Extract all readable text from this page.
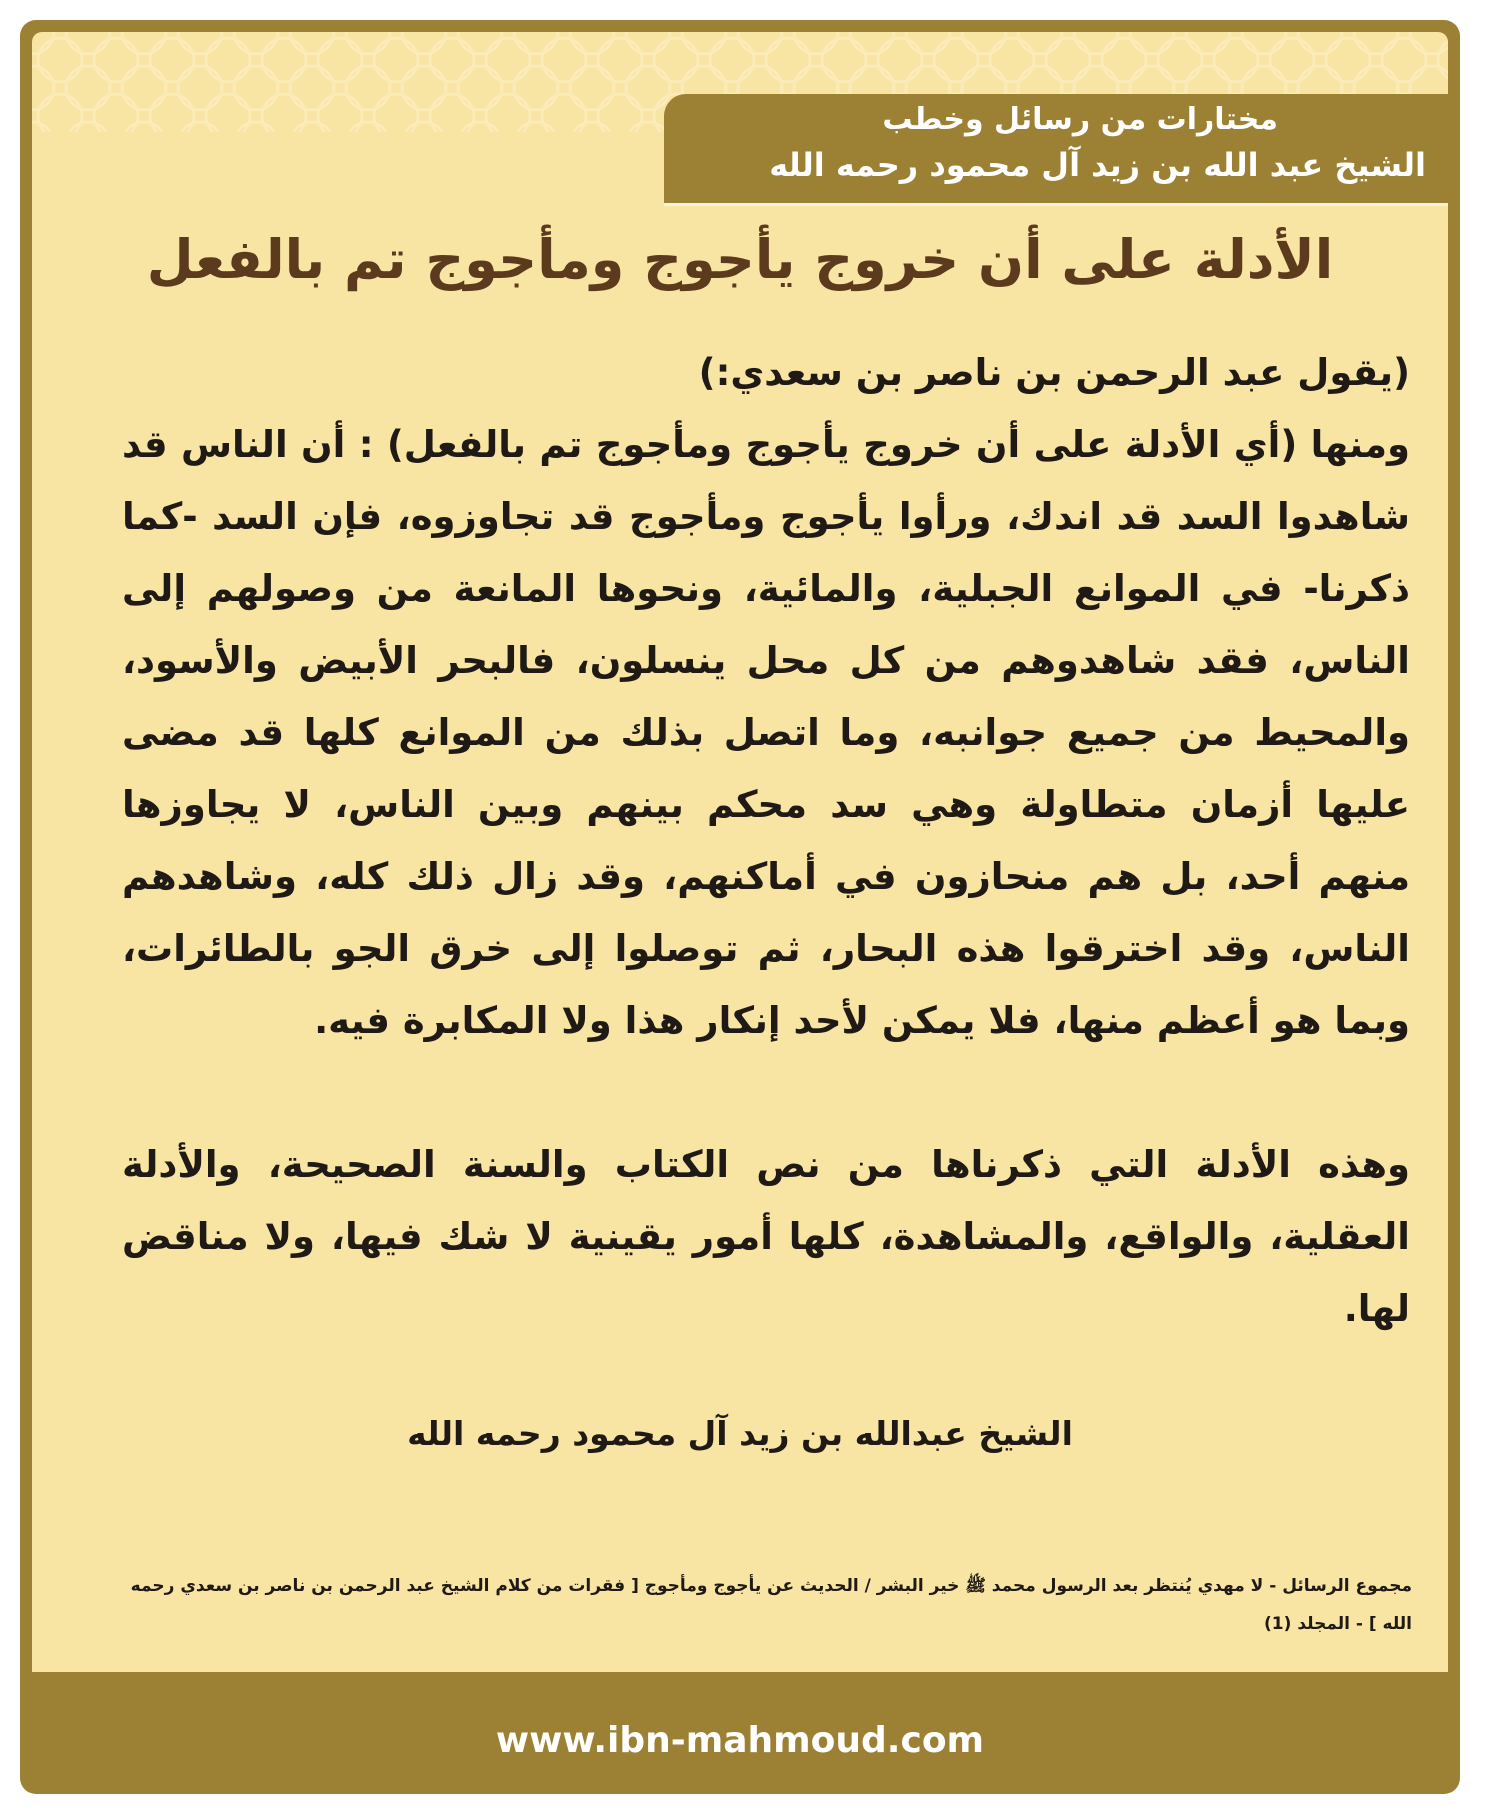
مختارات من رسائل وخطب
الشيخ عبد الله بن زيد آل محمود رحمه الله
الأدلة على أن خروج يأجوج ومأجوج تم بالفعل

(يقول عبد الرحمن بن ناصر بن سعدي:)

ومنها (أي الأدلة على أن خروج يأجوج ومأجوج تم بالفعل) : أن الناس قد شاهدوا السد قد اندك، ورأوا يأجوج ومأجوج قد تجاوزوه، فإن السد -كما ذكرنا- في الموانع الجبلية، والمائية، ونحوها المانعة من وصولهم إلى الناس، فقد شاهدوهم من كل محل ينسلون، فالبحر الأبيض والأسود، والمحيط من جميع جوانبه، وما اتصل بذلك من الموانع كلها قد مضى عليها أزمان متطاولة وهي سد محكم بينهم وبين الناس، لا يجاوزها منهم أحد، بل هم منحازون في أماكنهم، وقد زال ذلك كله، وشاهدهم الناس، وقد اخترقوا هذه البحار، ثم توصلوا إلى خرق الجو بالطائرات، وبما هو أعظم منها، فلا يمكن لأحد إنكار هذا ولا المكابرة فيه.

وهذه الأدلة التي ذكرناها من نص الكتاب والسنة الصحيحة، والأدلة العقلية، والواقع، والمشاهدة، كلها أمور يقينية لا شك فيها، ولا مناقض لها.

الشيخ عبدالله بن زيد آل محمود رحمه الله
مجموع الرسائل - لا مهدي يُنتظر بعد الرسول محمد ﷺ خير البشر / الحديث عن يأجوج ومأجوج [ فقرات من كلام الشيخ عبد الرحمن بن ناصر بن سعدي رحمه الله ] - المجلد (1)
www.ibn-mahmoud.com
